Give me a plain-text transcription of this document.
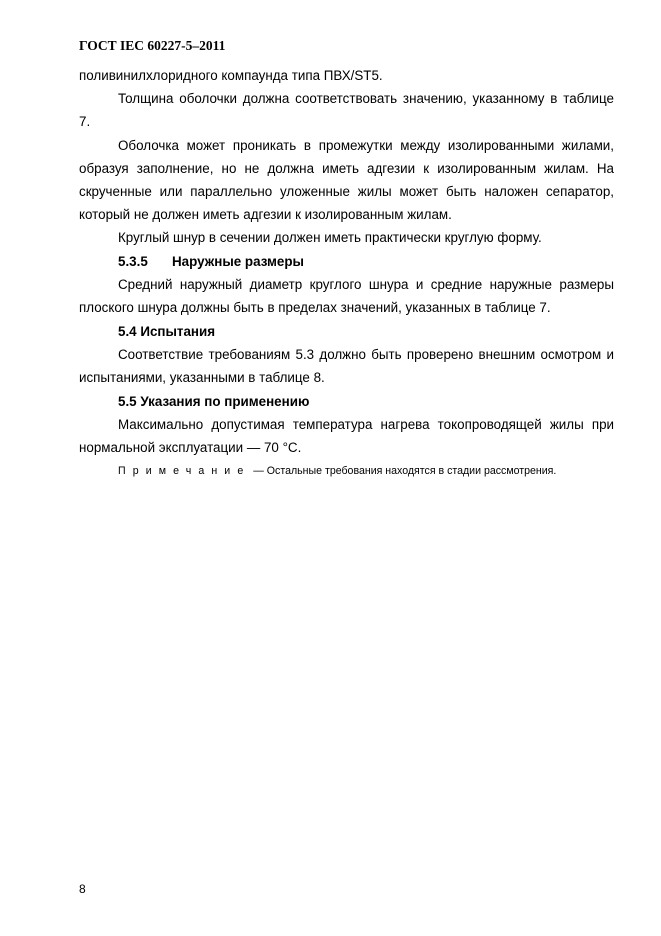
ГОСТ IEC 60227-5–2011

поливинилхлоридного компаунда типа ПВХ/ST5.

Толщина оболочки должна соответствовать значению, указанному в таблице 7.

Оболочка может проникать в промежутки между изолированными жилами, образуя заполнение, но не должна иметь адгезии к изолированным жилам. На скрученные или параллельно уложенные жилы может быть наложен сепаратор, который не должен иметь адгезии к изолированным жилам.

Круглый шнур в сечении должен иметь практически круглую форму.

5.3.5 Наружные размеры

Средний наружный диаметр круглого шнура и средние наружные размеры плоского шнура должны быть в пределах значений, указанных в таблице 7.

5.4 Испытания

Соответствие требованиям 5.3 должно быть проверено внешним осмотром и испытаниями, указанными в таблице 8.

5.5 Указания по применению

Максимально допустимая температура нагрева токопроводящей жилы при нормальной эксплуатации — 70 °С.

Примечание — Остальные требования находятся в стадии рассмотрения.
8
